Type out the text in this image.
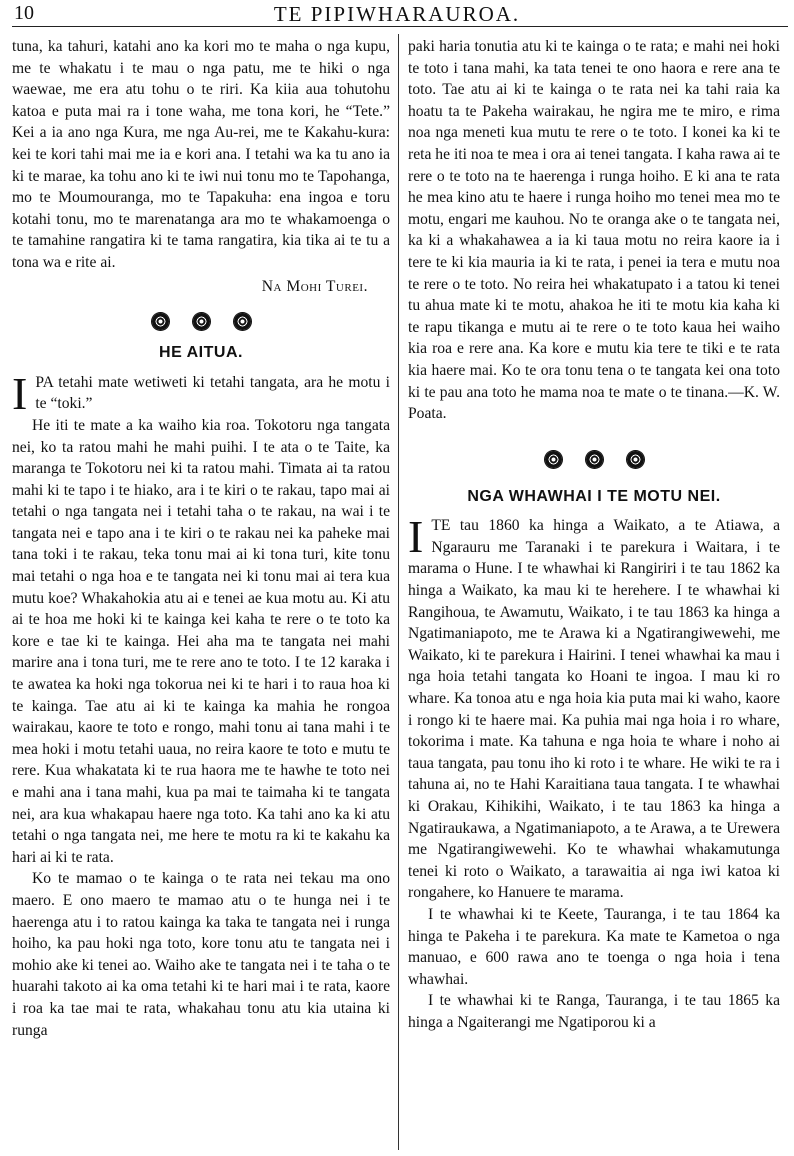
10	TE PIPIWHARAUROA.

tuna, ka tahuri, katahi ano ka kori mo te maha o nga kupu, me te whakatu i te mau o nga patu, me te hiki o nga waewae, me era atu tohu o te riri. Ka kiia aua tohutohu katoa e puta mai ra i tone waha, me tona kori, he “Tete.” Kei a ia ano nga Kura, me nga Au-rei, me te Kakahu-kura: kei te kori tahi mai me ia e kori ana. I tetahi wa ka tu ano ia ki te marae, ka tohu ano ki te iwi nui tonu mo te Tapohanga, mo te Moumouranga, mo te Tapakuha: ena ingoa e toru kotahi tonu, mo te marenatanga ara mo te whakamoenga o te tamahine rangatira ki te tama rangatira, kia tika ai te tu a tona wa e rite ai.

Na Mohi Turei.

HE AITUA.

IPA tetahi mate wetiweti ki tetahi tangata, ara he motu i te “toki.”

He iti te mate a ka waiho kia roa. Tokotoru nga tangata nei, ko ta ratou mahi he mahi puihi. I te ata o te Taite, ka maranga te Tokotoru nei ki ta ratou mahi. Timata ai ta ratou mahi ki te tapo i te hiako, ara i te kiri o te rakau, tapo mai ai tetahi o nga tangata nei i tetahi taha o te rakau, na wai i te tangata nei e tapo ana i te kiri o te rakau nei ka paheke mai tana toki i te rakau, teka tonu mai ai ki tona turi, kite tonu mai tetahi o nga hoa e te tangata nei ki tonu mai ai tera kua mutu koe? Whakahokia atu ai e tenei ae kua motu au. Ki atu ai te hoa me hoki ki te kainga kei kaha te rere o te toto ka kore e tae ki te kainga. Hei aha ma te tangata nei mahi marire ana i tona turi, me te rere ano te toto. I te 12 karaka i te awatea ka hoki nga tokorua nei ki te hari i to raua hoa ki te kainga. Tae atu ai ki te kainga ka mahia he rongoa wairakau, kaore te toto e rongo, mahi tonu ai tana mahi i te mea hoki i motu tetahi uaua, no reira kaore te toto e mutu te rere. Kua whakatata ki te rua haora me te hawhe te toto nei e mahi ana i tana mahi, kua pa mai te taimaha ki te tangata nei, ara kua whakapau haere nga toto. Ka tahi ano ka ki atu tetahi o nga tangata nei, me here te motu ra ki te kakahu ka hari ai ki te rata.

Ko te mamao o te kainga o te rata nei tekau ma ono maero. E ono maero te mamao atu o te hunga nei i te haerenga atu i to ratou kainga ka taka te tangata nei i runga hoiho, ka pau hoki nga toto, kore tonu atu te tangata nei i mohio ake ki tenei ao. Waiho ake te tangata nei i te taha o te huarahi takoto ai ka oma tetahi ki te hari mai i te rata, kaore i roa ka tae mai te rata, whakahau tonu atu kia utaina ki runga

paki haria tonutia atu ki te kainga o te rata; e mahi nei hoki te toto i tana mahi, ka tata tenei te ono haora e rere ana te toto. Tae atu ai ki te kainga o te rata nei ka tahi raia ka hoatu ta te Pakeha wairakau, he ngira me te miro, e rima noa nga meneti kua mutu te rere o te toto. I konei ka ki te reta he iti noa te mea i ora ai tenei tangata. I kaha rawa ai te rere o te toto na te haerenga i runga hoiho. E ki ana te rata he mea kino atu te haere i runga hoiho mo tenei mea mo te motu, engari me kauhou. No te oranga ake o te tangata nei, ka ki a whakahawea a ia ki taua motu no reira kaore ia i tere te ki kia mauria ia ki te rata, i penei ia tera e mutu noa te rere o te toto. No reira hei whakatupato i a tatou ki tenei tu ahua mate ki te motu, ahakoa he iti te motu kia kaha ki te rapu tikanga e mutu ai te rere o te toto kaua hei waiho kia roa e rere ana. Ka kore e mutu kia tere te tiki e te rata kia haere mai. Ko te ora tonu tena o te tangata kei ona toto ki te pau ana toto he mama noa te mate o te tinana.—K. W. Poata.

NGA WHAWHAI I TE MOTU NEI.

ITE tau 1860 ka hinga a Waikato, a te Atiawa, a Ngarauru me Taranaki i te parekura i Waitara, i te marama o Hune. I te whawhai ki Rangiriri i te tau 1862 ka hinga a Waikato, ka mau ki te herehere. I te whawhai ki Rangihoua, te Awamutu, Waikato, i te tau 1863 ka hinga a Ngatimaniapoto, me te Arawa ki a Ngatirangiwewehi, me Waikato, ki te parekura i Hairini. I tenei whawhai ka mau i nga hoia tetahi tangata ko Hoani te ingoa. I mau ki ro whare. Ka tonoa atu e nga hoia kia puta mai ki waho, kaore i rongo ki te haere mai. Ka puhia mai nga hoia i ro whare, tokorima i mate. Ka tahuna e nga hoia te whare i noho ai taua tangata, pau tonu iho ki roto i te whare. He wiki te ra i tahuna ai, no te Hahi Karaitiana taua tangata. I te whawhai ki Orakau, Kihikihi, Waikato, i te tau 1863 ka hinga a Ngatiraukawa, a Ngatimaniapoto, a te Arawa, a te Urewera me Ngatirangiwewehi. Ko te whawhai whakamutunga tenei ki roto o Waikato, a tarawaitia ai nga iwi katoa ki rongahere, ko Hanuere te marama.

I te whawhai ki te Keete, Tauranga, i te tau 1864 ka hinga te Pakeha i te parekura. Ka mate te Kametoa o nga manuao, e 600 rawa ano te toenga o nga hoia i tena whawhai.

I te whawhai ki te Ranga, Tauranga, i te tau 1865 ka hinga a Ngaiterangi me Ngatiporou ki a
